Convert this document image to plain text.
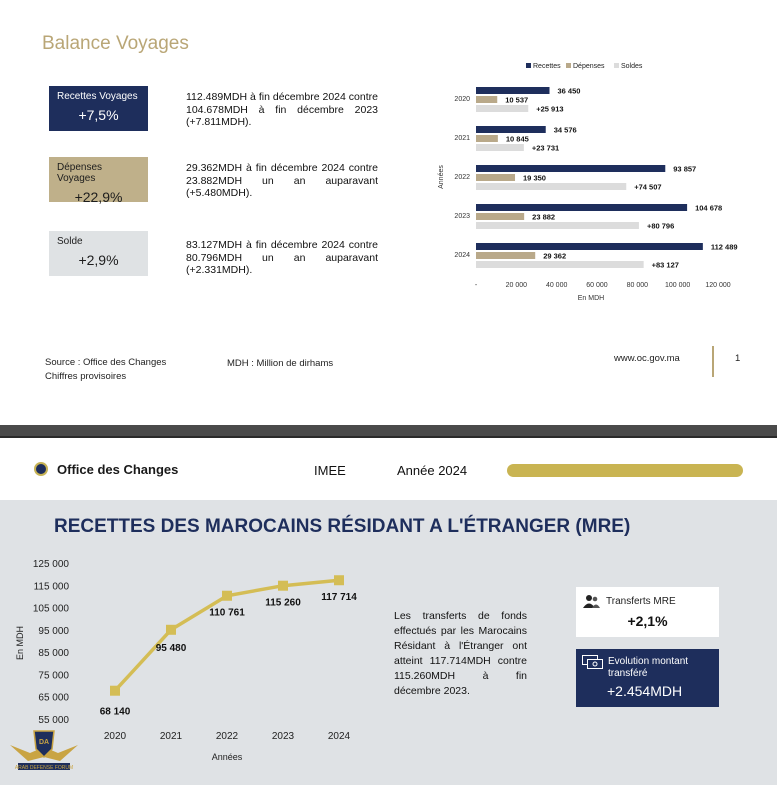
Balance Voyages
Recettes Voyages
+7,5%
Dépenses Voyages
+22,9%
Solde
+2,9%
112.489MDH à fin décembre 2024 contre 104.678MDH à fin décembre 2023 (+7.811MDH).
29.362MDH à fin décembre 2024 contre 23.882MDH un an auparavant (+5.480MDH).
83.127MDH à fin décembre 2024 contre 80.796MDH un an auparavant (+2.331MDH).
Recettes Dépenses Soldes
2020
36 450
10 537
+25 913
2021
34 576
10 845
+23 731
2022
93 857
19 350
+74 507
2023
104 678
23 882
+80 796
2024
112 489
29 362
+83 127
-	20 000	40 000	60 000	80 000 100 000 120 000
En MDH
Années
Source : Office des Changes
Chiffres provisoires
MDH : Million de dirhams	www.oc.gov.ma	1
Office des Changes	IMEE	Année 2024
RECETTES DES MAROCAINS RÉSIDANT A L'ÉTRANGER (MRE)
125 000
115 000
105 000
95 000
85 000
75 000
65 000
55 000
En MDH
68 140
95 480
110 761
115 260 117 714
2020	2021	2022	2023	2024
Années
Les transferts de fonds effectués par les Marocains Résidant à l'Étranger ont atteint 117.714MDH contre 115.260MDH à fin décembre 2023.
Transferts MRE
+2,1%
Evolution montant transféré
+2.454MDH
DA
ARAB DEFENSE FORUM
